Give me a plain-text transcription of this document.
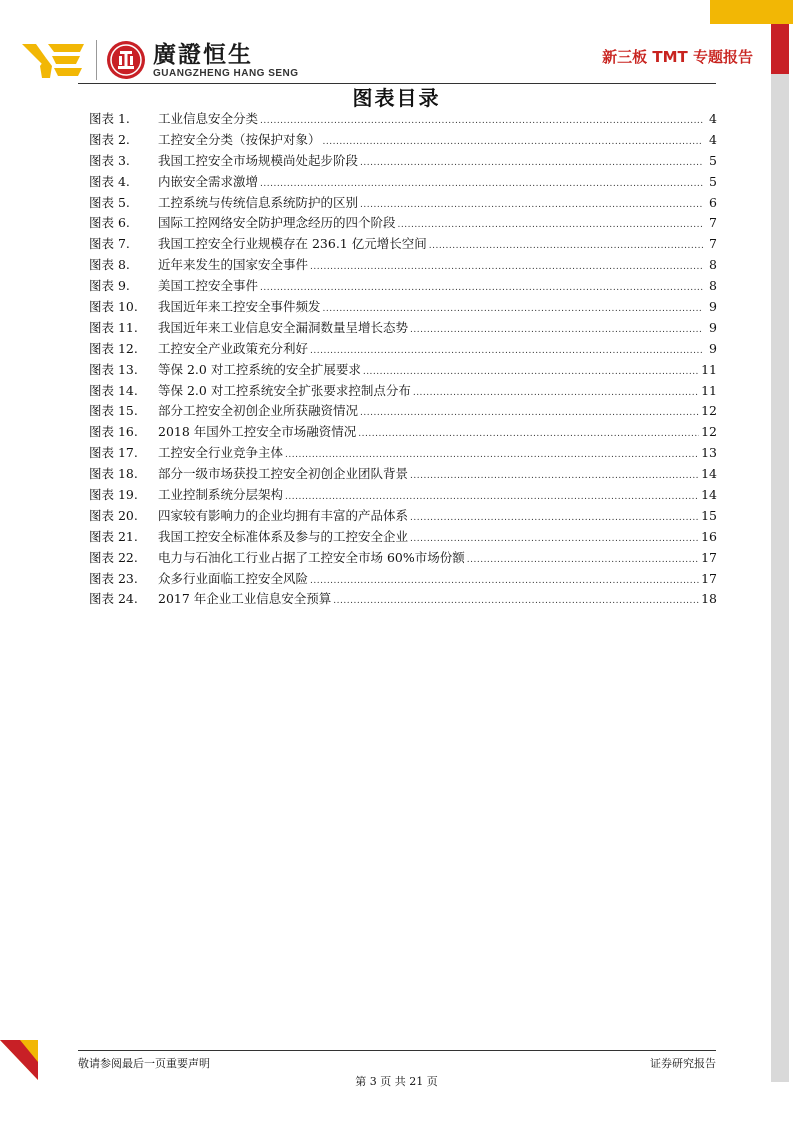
廣證恒生
GUANGZHENG HANG SENG
新三板 TMT 专题报告
图表目录
图表 1.	工业信息安全分类 .....	4
图表 2.	工控安全分类（按保护对象） .....	4
图表 3.	我国工控安全市场规模尚处起步阶段 .....	5
图表 4.	内嵌安全需求激增 .....	5
图表 5.	工控系统与传统信息系统防护的区别 .....	6
图表 6.	国际工控网络安全防护理念经历的四个阶段 .....	7
图表 7.	我国工控安全行业规模存在 236.1 亿元增长空间 .....	7
图表 8.	近年来发生的国家安全事件 .....	8
图表 9.	美国工控安全事件 .....	8
图表 10.	我国近年来工控安全事件频发 .....	9
图表 11.	我国近年来工业信息安全漏洞数量呈增长态势 .....	9
图表 12.	工控安全产业政策充分利好 .....	9
图表 13.	等保 2.0 对工控系统的安全扩展要求 .....	11
图表 14.	等保 2.0 对工控系统安全扩张要求控制点分布 .....	11
图表 15.	部分工控安全初创企业所获融资情况 .....	12
图表 16.	2018 年国外工控安全市场融资情况 .....	12
图表 17.	工控安全行业竞争主体 .....	13
图表 18.	部分一级市场获投工控安全初创企业团队背景 .....	14
图表 19.	工业控制系统分层架构 .....	14
图表 20.	四家较有影响力的企业均拥有丰富的产品体系 .....	15
图表 21.	我国工控安全标准体系及参与的工控安全企业 .....	16
图表 22.	电力与石油化工行业占据了工控安全市场 60%市场份额 .....	17
图表 23.	众多行业面临工控安全风险 .....	17
图表 24.	2017 年企业工业信息安全预算 .....	18
敬请参阅最后一页重要声明	证券研究报告
第 3 页 共 21 页
